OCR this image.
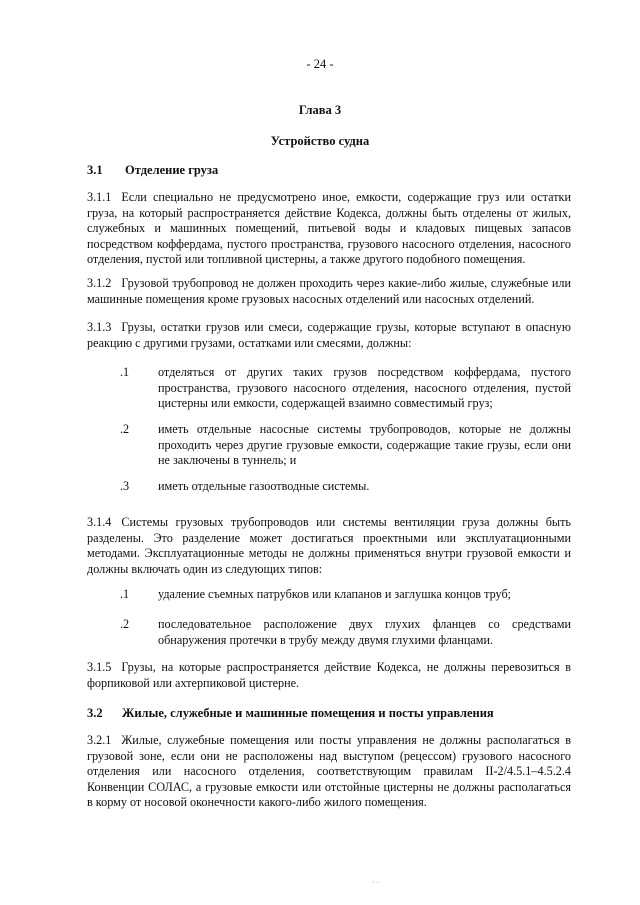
- 24 -
Глава 3
Устройство судна
3.1 Отделение груза
3.1.1 Если специально не предусмотрено иное, емкости, содержащие груз или остатки груза, на который распространяется действие Кодекса, должны быть отделены от жилых, служебных и машинных помещений, питьевой воды и кладовых пищевых запасов посредством коффердама, пустого пространства, грузового насосного отделения, насосного отделения, пустой или топливной цистерны, а также другого подобного помещения.
3.1.2 Грузовой трубопровод не должен проходить через какие-либо жилые, служебные или машинные помещения кроме грузовых насосных отделений или насосных отделений.
3.1.3 Грузы, остатки грузов или смеси, содержащие грузы, которые вступают в опасную реакцию с другими грузами, остатками или смесями, должны:
.1 отделяться от других таких грузов посредством коффердама, пустого пространства, грузового насосного отделения, насосного отделения, пустой цистерны или емкости, содержащей взаимно совместимый груз;
.2 иметь отдельные насосные системы трубопроводов, которые не должны проходить через другие грузовые емкости, содержащие такие грузы, если они не заключены в туннель; и
.3 иметь отдельные газоотводные системы.
3.1.4 Системы грузовых трубопроводов или системы вентиляции груза должны быть разделены. Это разделение может достигаться проектными или эксплуатационными методами. Эксплуатационные методы не должны применяться внутри грузовой емкости и должны включать один из следующих типов:
.1 удаление съемных патрубков или клапанов и заглушка концов труб;
.2 последовательное расположение двух глухих фланцев со средствами обнаружения протечки в трубу между двумя глухими фланцами.
3.1.5 Грузы, на которые распространяется действие Кодекса, не должны перевозиться в форпиковой или ахтерпиковой цистерне.
3.2 Жилые, служебные и машинные помещения и посты управления
3.2.1 Жилые, служебные помещения или посты управления не должны располагаться в грузовой зоне, если они не расположены над выступом (рецессом) грузового насосного отделения или насосного отделения, соответствующим правилам II-2/4.5.1–4.5.2.4 Конвенции СОЛАС, а грузовые емкости или отстойные цистерны не должны располагаться в корму от носовой оконечности какого-либо жилого помещения.
˙ ˙
